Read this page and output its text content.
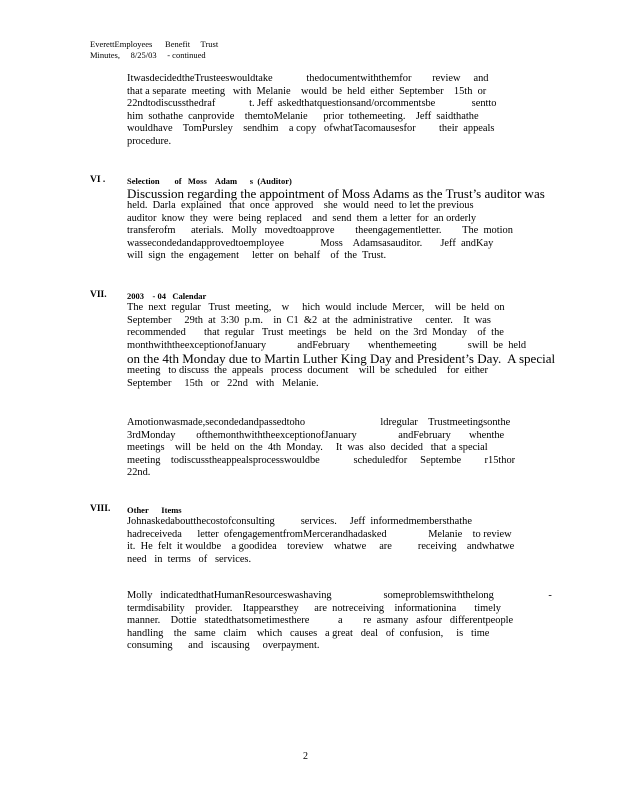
EverettEmployees      Benefit     Trust
Minutes,     8/25/03     - continued
ItwasdecidedtheTrusteeswouldtake             thedocumentwiththemfor        review     and
that a separate  meeting   with  Melanie    would  be  held  either  September    15th  or
22ndtodiscussthedraf             t. Jeff  askedthatquestionsand/orcommentsbe              sentto
him  sothathe  canprovide    themtoMelanie      prior  tothemeeting.    Jeff  saidthathe
wouldhave    TomPursley    sendhim    a copy   ofwhatTacomausesfor         their  appeals
procedure.
VI .	Selection       of   Moss    Adam      s  (Auditor)
Discussion regarding the appointment of Moss Adams as the Trust’s auditor was
held.  Darla  explained   that  once  approved    she  would  need  to let the previous
auditor  know  they  were  being  replaced    and  send  them  a letter  for  an orderly
transferofm      aterials.   Molly   movedtoapprove        theengagementletter.        The  motion
wassecondedandapprovedtoemployee              Moss    Adamsasauditor.       Jeff  andKay
will  sign  the  engagement     letter  on  behalf    of  the  Trust.
VII. 2003    - 04   Calendar
The  next  regular   Trust  meeting,    w     hich  would  include  Mercer,    will  be  held  on
September     29th  at  3:30  p.m.    in  C1  &2  at  the  administrative     center.    It  was
recommended       that  regular   Trust  meetings    be   held   on  the  3rd  Monday    of  the
monthwiththeexceptionofJanuary            andFebruary       whenthemeeting            swill  be  held
on the 4th Monday due to Martin Luther King Day and President’s Day.  A special
meeting   to discuss  the  appeals   process  document    will  be  scheduled    for  either
September     15th   or   22nd   with   Melanie.
Amotionwasmade,secondedandpassedtoho                             ldregular    Trustmeetingsonthe
3rdMonday        ofthemonthwiththeexceptionofJanuary                andFebruary       whenthe
meetings    will  be  held  on  the  4th  Monday.     It  was  also  decided   that  a special
meeting    todiscusstheappealsprocesswouldbe             scheduledfor     Septembe         r15thor
22nd.
VIII. Other      Items
Johnaskedaboutthecostofconsulting          services.     Jeff  informedmembersthathe
hadreceiveda      letter  ofengagementfromMercerandhadasked                Melanie    to review
it.  He  felt  it wouldbe    a goodidea    toreview    whatwe     are          receiving    andwhatwe
need   in  terms   of   services.
Molly   indicatedthatHumanResourceswashaving                    someproblemswiththelong                     -
termdisability    provider.    Itappearsthey      are  notreceiving    informationina       timely
manner.    Dottie   statedthatsometimesthere           a        re  asmany   asfour   differentpeople
handling    the   same   claim    which   causes   a great   deal   of  confusion,     is   time
consuming      and   iscausing     overpayment.
2
